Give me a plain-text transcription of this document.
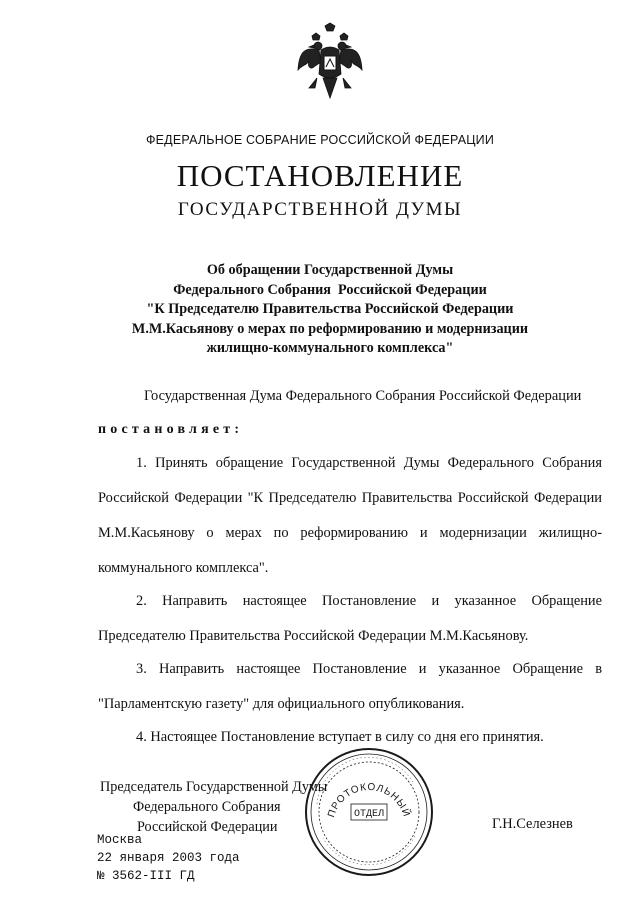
ФЕДЕРАЛЬНОЕ СОБРАНИЕ РОССИЙСКОЙ ФЕДЕРАЦИИ
ПОСТАНОВЛЕНИЕ
ГОСУДАРСТВЕННОЙ ДУМЫ
Об обращении Государственной Думы
Федерального Собрания  Российской Федерации
"К Председателю Правительства Российской Федерации
М.М.Касьянову о мерах по реформированию и модернизации
жилищно-коммунального комплекса"
Государственная Дума Федерального Собрания Российской Федерации
постановляет:
1. Принять обращение Государственной Думы Федерального Собрания Российской Федерации "К Председателю Правительства Российской Федерации М.М.Касьянову о мерах по реформированию и модернизации жилищно-коммунального комплекса".
2. Направить настоящее Постановление и указанное Обращение Председателю Правительства Российской Федерации М.М.Касьянову.
3. Направить настоящее Постановление и указанное Обращение в "Парламентскую газету" для официального опубликования.
4. Настоящее Постановление вступает в силу со дня его принятия.
Председатель Государственной Думы
Федерального Собрания
Российской Федерации	Г.Н.Селезнев
Москва
22 января 2003 года
№ 3562-III ГД
ПРОТОКОЛЬНЫЙ
ОТДЕЛ
